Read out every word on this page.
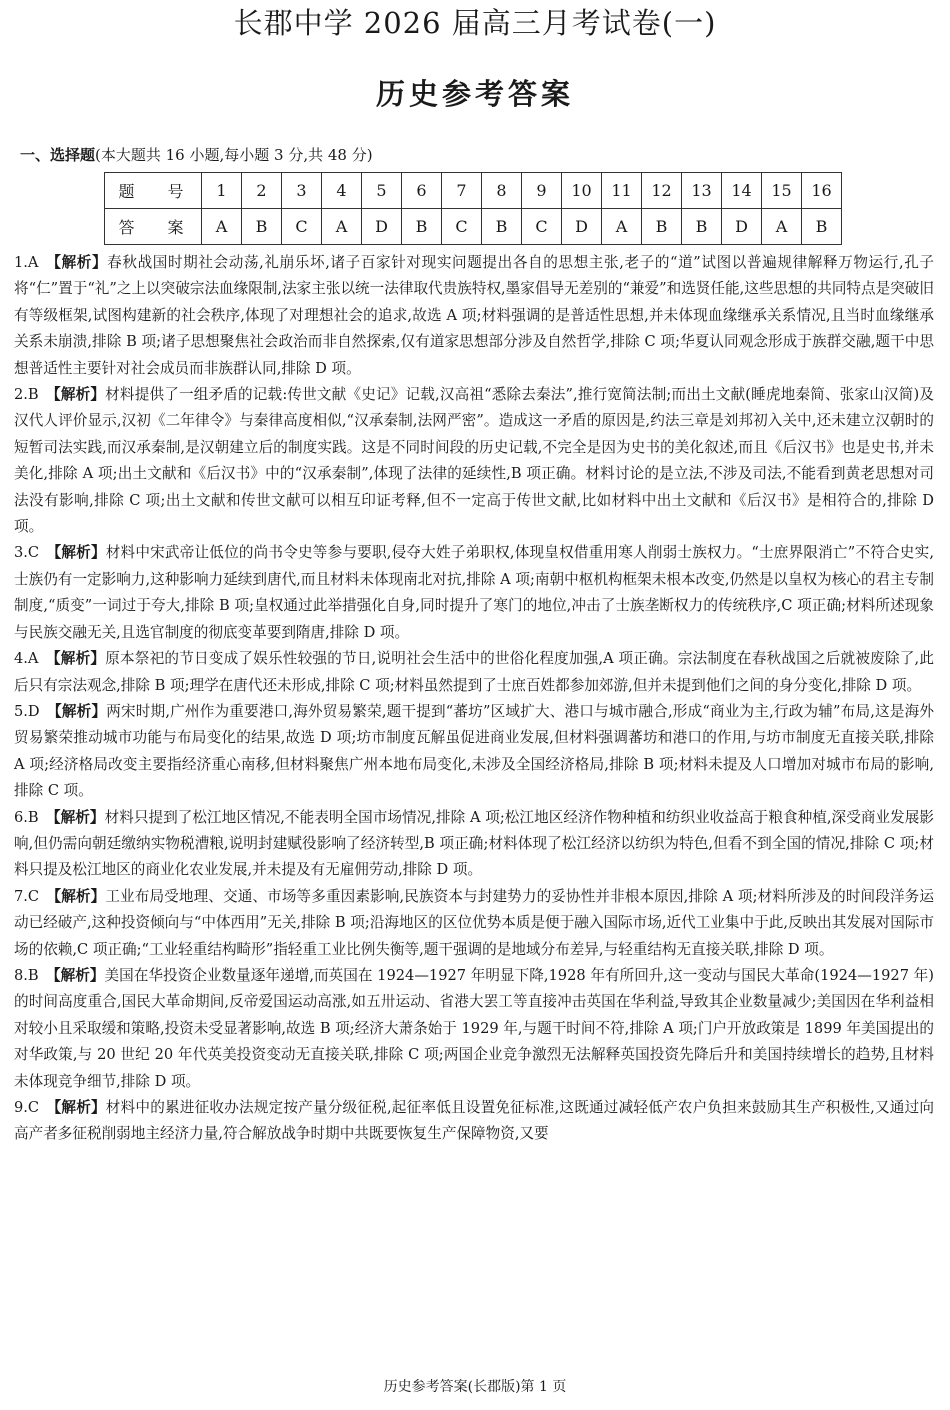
长郡中学 2026 届高三月考试卷(一)
历史参考答案
一、选择题(本大题共 16 小题,每小题 3 分,共 48 分)
题 号	1	2	3	4	5	6	7	8	9	10	11	12	13	14	15	16
答 案	A	B	C	A	D	B	C	B	C	D	A	B	B	D	A	B

1.A  【解析】春秋战国时期社会动荡,礼崩乐坏,诸子百家针对现实问题提出各自的思想主张,老子的“道”试图以普遍规律解释万物运行,孔子将“仁”置于“礼”之上以突破宗法血缘限制,法家主张以统一法律取代贵族特权,墨家倡导无差别的“兼爱”和选贤任能,这些思想的共同特点是突破旧有等级框架,试图构建新的社会秩序,体现了对理想社会的追求,故选 A 项;材料强调的是普适性思想,并未体现血缘继承关系情况,且当时血缘继承关系未崩溃,排除 B 项;诸子思想聚焦社会政治而非自然探索,仅有道家思想部分涉及自然哲学,排除 C 项;华夏认同观念形成于族群交融,题干中思想普适性主要针对社会成员而非族群认同,排除 D 项。

2.B  【解析】材料提供了一组矛盾的记载:传世文献《史记》记载,汉高祖“悉除去秦法”,推行宽简法制;而出土文献(睡虎地秦简、张家山汉简)及汉代人评价显示,汉初《二年律令》与秦律高度相似,“汉承秦制,法网严密”。造成这一矛盾的原因是,约法三章是刘邦初入关中,还未建立汉朝时的短暂司法实践,而汉承秦制,是汉朝建立后的制度实践。这是不同时间段的历史记载,不完全是因为史书的美化叙述,而且《后汉书》也是史书,并未美化,排除 A 项;出土文献和《后汉书》中的“汉承秦制”,体现了法律的延续性,B 项正确。材料讨论的是立法,不涉及司法,不能看到黄老思想对司法没有影响,排除 C 项;出土文献和传世文献可以相互印证考释,但不一定高于传世文献,比如材料中出土文献和《后汉书》是相符合的,排除 D 项。

3.C  【解析】材料中宋武帝让低位的尚书令史等参与要职,侵夺大姓子弟职权,体现皇权借重用寒人削弱士族权力。“士庶界限消亡”不符合史实,士族仍有一定影响力,这种影响力延续到唐代,而且材料未体现南北对抗,排除 A 项;南朝中枢机构框架未根本改变,仍然是以皇权为核心的君主专制制度,“质变”一词过于夸大,排除 B 项;皇权通过此举措强化自身,同时提升了寒门的地位,冲击了士族垄断权力的传统秩序,C 项正确;材料所述现象与民族交融无关,且选官制度的彻底变革要到隋唐,排除 D 项。

4.A  【解析】原本祭祀的节日变成了娱乐性较强的节日,说明社会生活中的世俗化程度加强,A 项正确。宗法制度在春秋战国之后就被废除了,此后只有宗法观念,排除 B 项;理学在唐代还未形成,排除 C 项;材料虽然提到了士庶百姓都参加郊游,但并未提到他们之间的身分变化,排除 D 项。

5.D  【解析】两宋时期,广州作为重要港口,海外贸易繁荣,题干提到“蕃坊”区域扩大、港口与城市融合,形成“商业为主,行政为辅”布局,这是海外贸易繁荣推动城市功能与布局变化的结果,故选 D 项;坊市制度瓦解虽促进商业发展,但材料强调蕃坊和港口的作用,与坊市制度无直接关联,排除 A 项;经济格局改变主要指经济重心南移,但材料聚焦广州本地布局变化,未涉及全国经济格局,排除 B 项;材料未提及人口增加对城市布局的影响,排除 C 项。

6.B  【解析】材料只提到了松江地区情况,不能表明全国市场情况,排除 A 项;松江地区经济作物种植和纺织业收益高于粮食种植,深受商业发展影响,但仍需向朝廷缴纳实物税漕粮,说明封建赋役影响了经济转型,B 项正确;材料体现了松江经济以纺织为特色,但看不到全国的情况,排除 C 项;材料只提及松江地区的商业化农业发展,并未提及有无雇佣劳动,排除 D 项。

7.C  【解析】工业布局受地理、交通、市场等多重因素影响,民族资本与封建势力的妥协性并非根本原因,排除 A 项;材料所涉及的时间段洋务运动已经破产,这种投资倾向与“中体西用”无关,排除 B 项;沿海地区的区位优势本质是便于融入国际市场,近代工业集中于此,反映出其发展对国际市场的依赖,C 项正确;“工业轻重结构畸形”指轻重工业比例失衡等,题干强调的是地域分布差异,与轻重结构无直接关联,排除 D 项。

8.B  【解析】美国在华投资企业数量逐年递增,而英国在 1924—1927 年明显下降,1928 年有所回升,这一变动与国民大革命(1924—1927 年)的时间高度重合,国民大革命期间,反帝爱国运动高涨,如五卅运动、省港大罢工等直接冲击英国在华利益,导致其企业数量减少;美国因在华利益相对较小且采取缓和策略,投资未受显著影响,故选 B 项;经济大萧条始于 1929 年,与题干时间不符,排除 A 项;门户开放政策是 1899 年美国提出的对华政策,与 20 世纪 20 年代英美投资变动无直接关联,排除 C 项;两国企业竞争激烈无法解释英国投资先降后升和美国持续增长的趋势,且材料未体现竞争细节,排除 D 项。

9.C  【解析】材料中的累进征收办法规定按产量分级征税,起征率低且设置免征标准,这既通过减轻低产农户负担来鼓励其生产积极性,又通过向高产者多征税削弱地主经济力量,符合解放战争时期中共既要恢复生产保障物资,又要

历史参考答案(长郡版)第 1 页
